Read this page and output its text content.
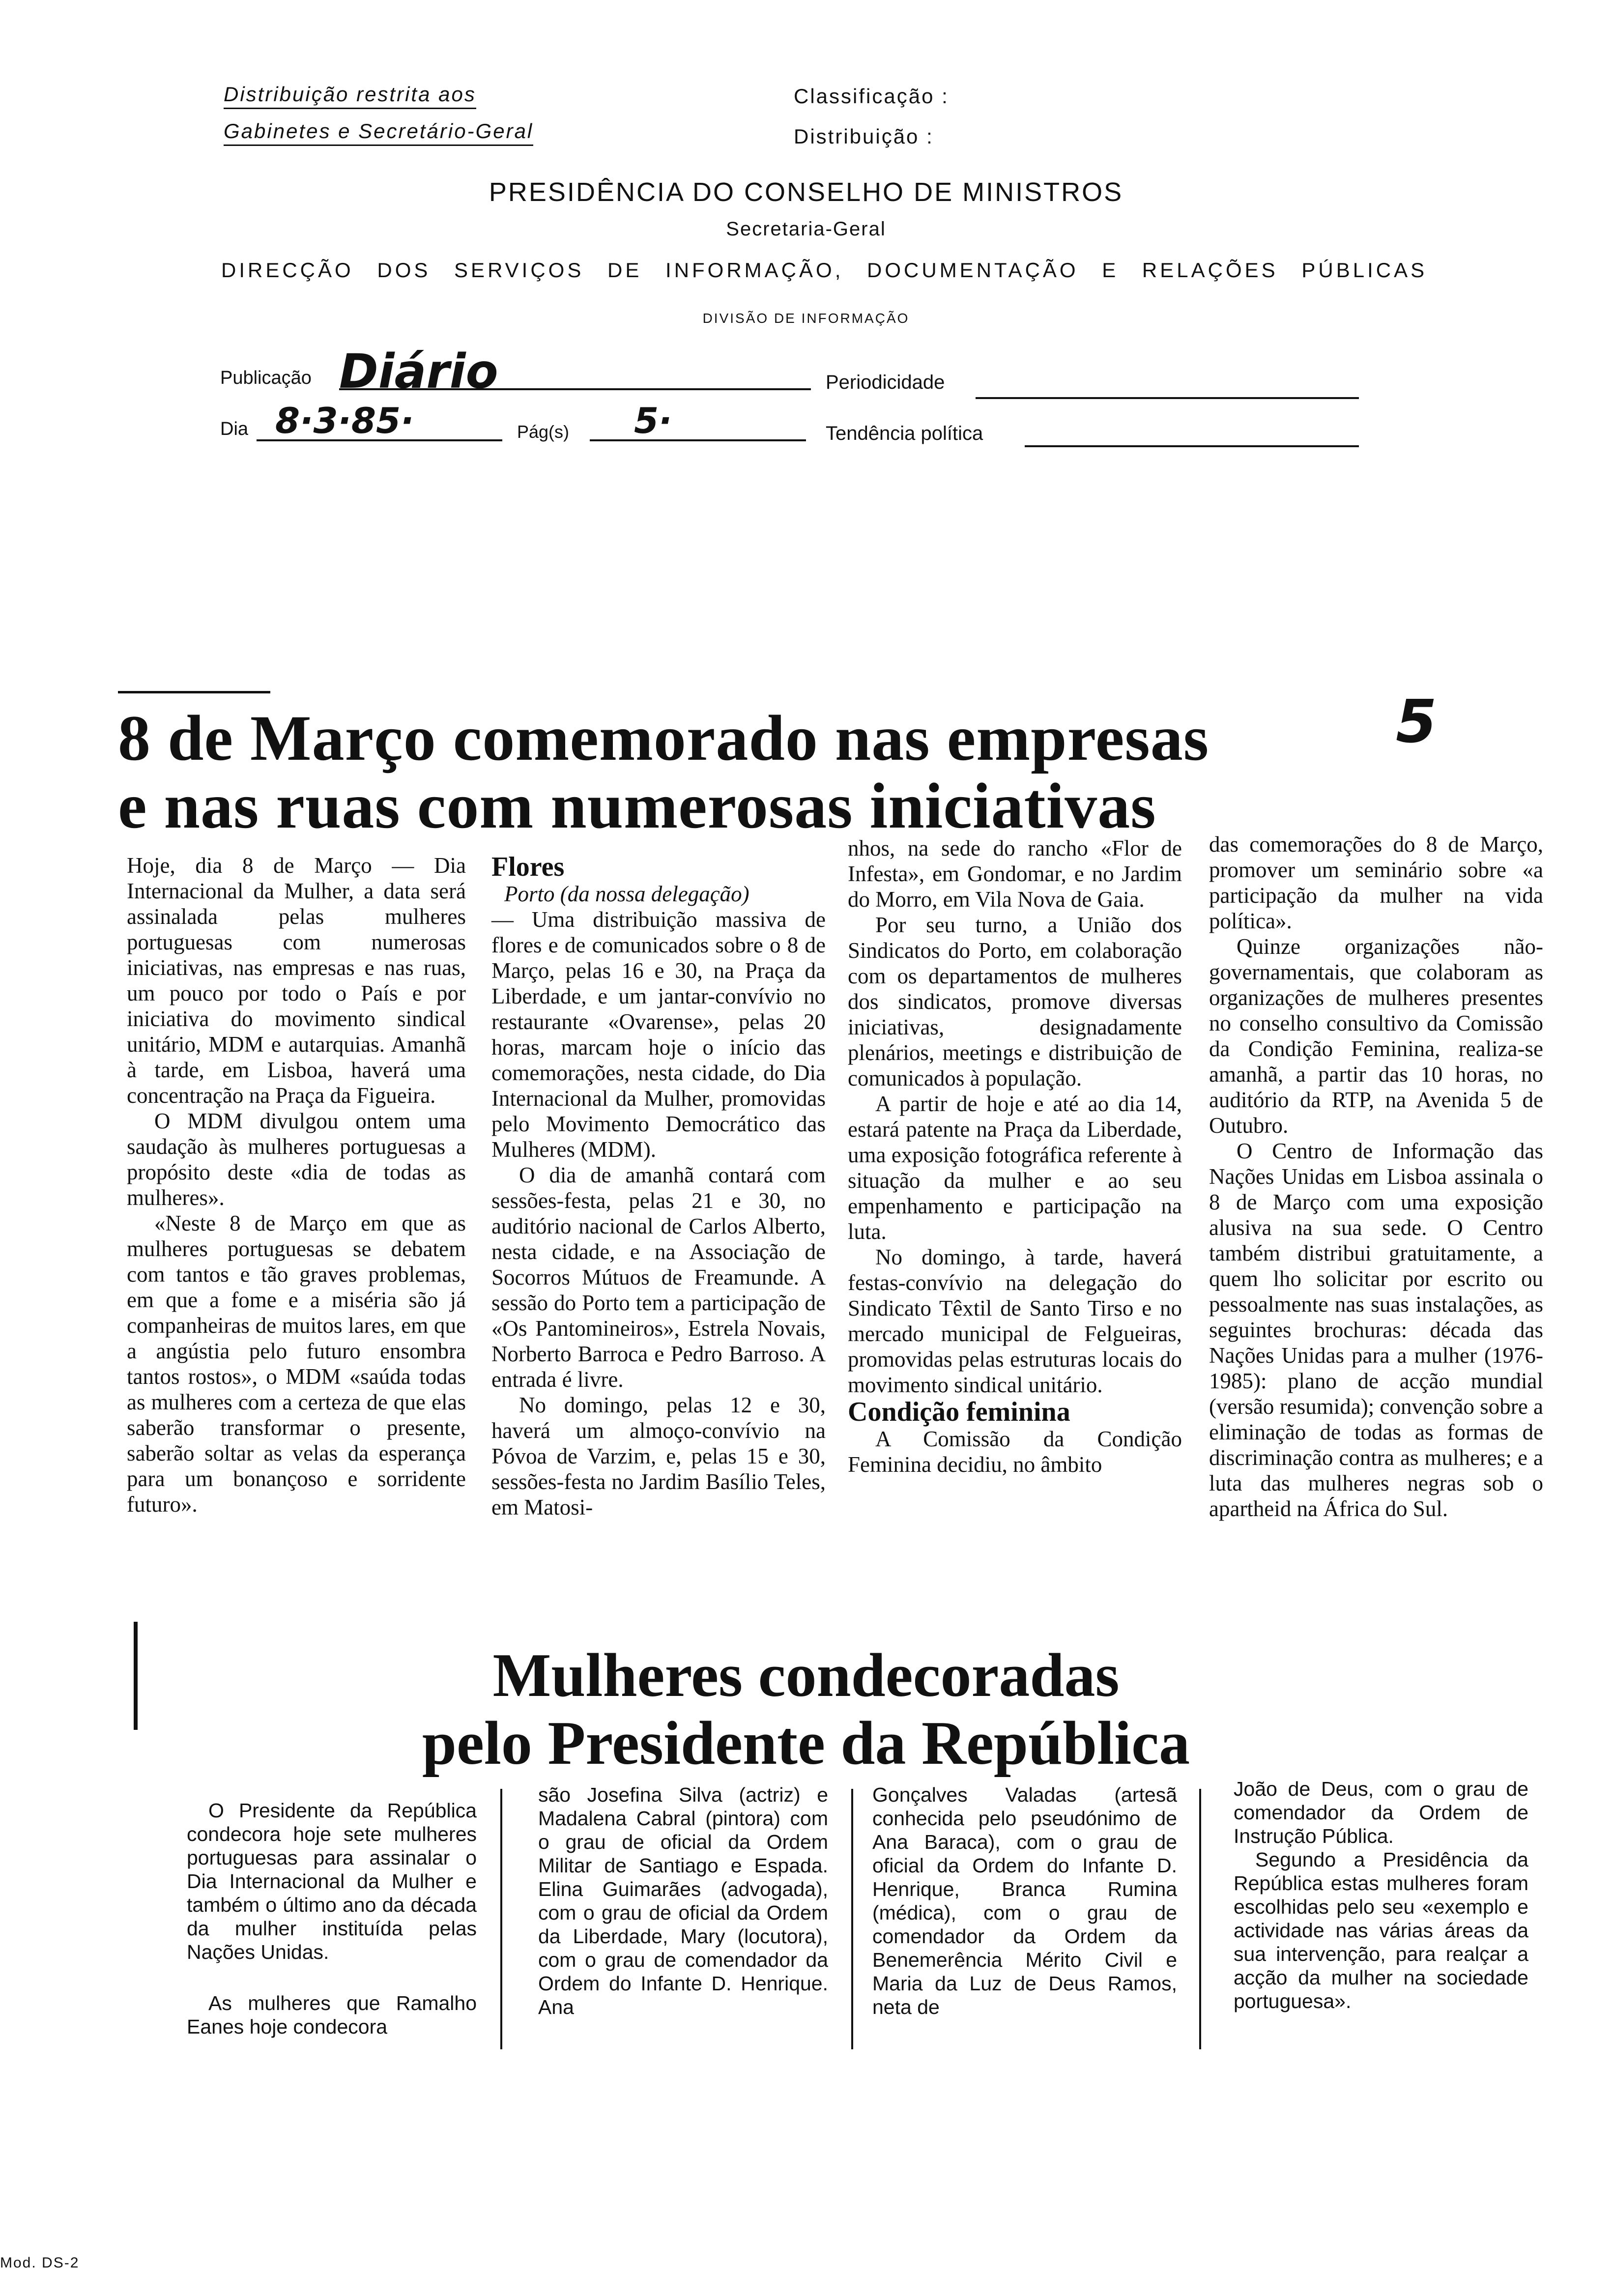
Distribuição restrita aos
Gabinetes e Secretário-Geral
Classificação :
Distribuição :
PRESIDÊNCIA DO CONSELHO DE MINISTROS
Secretaria-Geral
DIRECÇÃO DOS SERVIÇOS DE INFORMAÇÃO, DOCUMENTAÇÃO E RELAÇÕES PÚBLICAS
DIVISÃO DE INFORMAÇÃO
Publicação Diário	Periodicidade
Dia 8·3·85·	Pág(s) 5·	Tendência política
8 de Março comemorado nas empresas
e nas ruas com numerosas iniciativas
5

Hoje, dia 8 de Março — Dia Internacional da Mulher, a data será assinalada pelas mulheres portuguesas com numerosas iniciativas, nas empresas e nas ruas, um pouco por todo o País e por iniciativa do movimento sindical unitário, MDM e autarquias. Amanhã à tarde, em Lisboa, haverá uma concentração na Praça da Figueira.

O MDM divulgou ontem uma saudação às mulheres portuguesas a propósito deste «dia de todas as mulheres».

«Neste 8 de Março em que as mulheres portuguesas se debatem com tantos e tão graves problemas, em que a fome e a miséria são já companheiras de muitos lares, em que a angústia pelo futuro ensombra tantos rostos», o MDM «saúda todas as mulheres com a certeza de que elas saberão transformar o presente, saberão soltar as velas da esperança para um bonançoso e sorridente futuro».

Flores
Porto (da nossa delegação)

— Uma distribuição massiva de flores e de comunicados sobre o 8 de Março, pelas 16 e 30, na Praça da Liberdade, e um jantar-convívio no restaurante «Ovarense», pelas 20 horas, marcam hoje o início das comemorações, nesta cidade, do Dia Internacional da Mulher, promovidas pelo Movimento Democrático das Mulheres (MDM).

O dia de amanhã contará com sessões-festa, pelas 21 e 30, no auditório nacional de Carlos Alberto, nesta cidade, e na Associação de Socorros Mútuos de Freamunde. A sessão do Porto tem a participação de «Os Pantomineiros», Estrela Novais, Norberto Barroca e Pedro Barroso. A entrada é livre.

No domingo, pelas 12 e 30, haverá um almoço-convívio na Póvoa de Varzim, e, pelas 15 e 30, sessões-festa no Jardim Basílio Teles, em Matosi-

nhos, na sede do rancho «Flor de Infesta», em Gondomar, e no Jardim do Morro, em Vila Nova de Gaia.

Por seu turno, a União dos Sindicatos do Porto, em colaboração com os departamentos de mulheres dos sindicatos, promove diversas iniciativas, designadamente plenários, meetings e distribuição de comunicados à população.

A partir de hoje e até ao dia 14, estará patente na Praça da Liberdade, uma exposição fotográfica referente à situação da mulher e ao seu empenhamento e participação na luta.

No domingo, à tarde, haverá festas-convívio na delegação do Sindicato Têxtil de Santo Tirso e no mercado municipal de Felgueiras, promovidas pelas estruturas locais do movimento sindical unitário.

Condição feminina

A Comissão da Condição Feminina decidiu, no âmbito

das comemorações do 8 de Março, promover um seminário sobre «a participação da mulher na vida política».

Quinze organizações não-governamentais, que colaboram as organizações de mulheres presentes no conselho consultivo da Comissão da Condição Feminina, realiza-se amanhã, a partir das 10 horas, no auditório da RTP, na Avenida 5 de Outubro.

O Centro de Informação das Nações Unidas em Lisboa assinala o 8 de Março com uma exposição alusiva na sua sede. O Centro também distribui gratuitamente, a quem lho solicitar por escrito ou pessoalmente nas suas instalações, as seguintes brochuras: década das Nações Unidas para a mulher (1976-1985): plano de acção mundial (versão resumida); convenção sobre a eliminação de todas as formas de discriminação contra as mulheres; e a luta das mulheres negras sob o apartheid na África do Sul.

Mulheres condecoradas
pelo Presidente da República

O Presidente da República condecora hoje sete mulheres portuguesas para assinalar o Dia Internacional da Mulher e também o último ano da década da mulher instituída pelas Nações Unidas.

As mulheres que Ramalho Eanes hoje condecora

são Josefina Silva (actriz) e Madalena Cabral (pintora) com o grau de oficial da Ordem Militar de Santiago e Espada. Elina Guimarães (advogada), com o grau de oficial da Ordem da Liberdade, Mary (locutora), com o grau de comendador da Ordem do Infante D. Henrique. Ana

Gonçalves Valadas (artesã conhecida pelo pseudónimo de Ana Baraca), com o grau de oficial da Ordem do Infante D. Henrique, Branca Rumina (médica), com o grau de comendador da Ordem da Benemerência Mérito Civil e Maria da Luz de Deus Ramos, neta de

João de Deus, com o grau de comendador da Ordem de Instrução Pública.

Segundo a Presidência da República estas mulheres foram escolhidas pelo seu «exemplo e actividade nas várias áreas da sua intervenção, para realçar a acção da mulher na sociedade portuguesa».

Mod. DS-2
